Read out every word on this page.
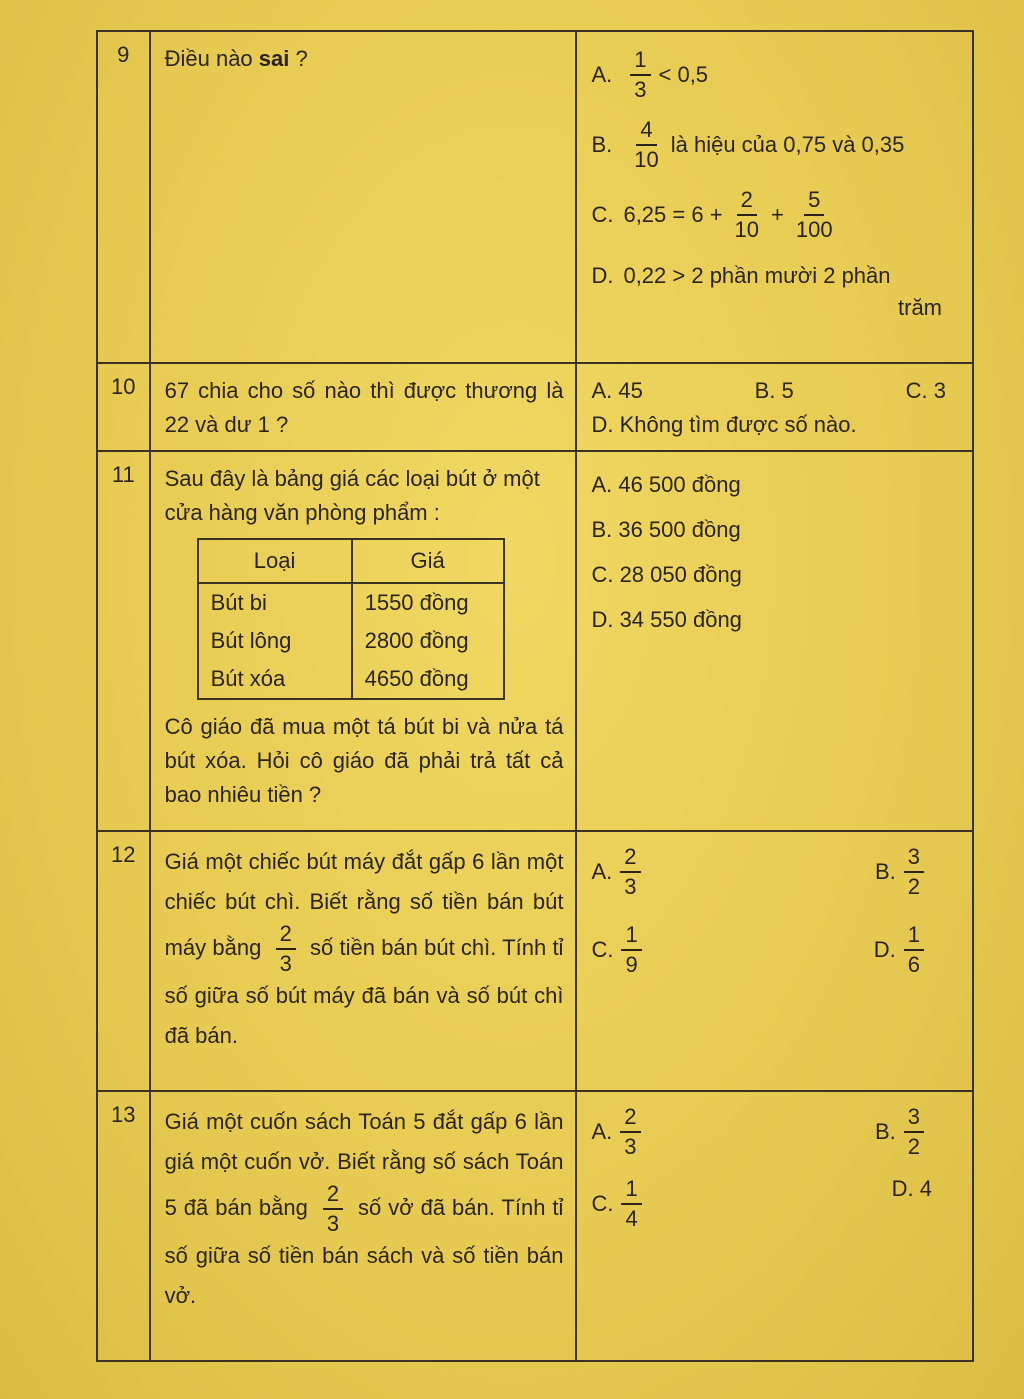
9	Điều nào sai ?

A. $\frac{1}{3} < 0,5$
B. $\frac{4}{10}$ là hiệu của 0,75 và 0,35
C. $6,25 = 6 + \frac{2}{10} + \frac{5}{100}$
D. 0,22 > 2 phần mười 2 phần
trăm

10	67 chia cho số nào thì được thương là 22 và dư 1 ?

A. 45	B. 5	C. 3
D. Không tìm được số nào.

11	Sau đây là bảng giá các loại bút ở một cửa hàng văn phòng phẩm :
Loại	Giá
Bút bi	1550 đồng
Bút lông	2800 đồng
Bút xóa	4650 đồng
Cô giáo đã mua một tá bút bi và nửa tá bút xóa. Hỏi cô giáo đã phải trả tất cả bao nhiêu tiền ?

A. 46 500 đồng
B. 36 500 đồng
C. 28 050 đồng
D. 34 550 đồng

12	Giá một chiếc bút máy đắt gấp 6 lần một chiếc bút chì. Biết rằng số tiền bán bút máy bằng $\frac{2}{3}$ số tiền bán bút chì. Tính tỉ số giữa số bút máy đã bán và số bút chì đã bán.

A. $\frac{2}{3}$	B. $\frac{3}{2}$
C. $\frac{1}{9}$	D. $\frac{1}{6}$

13	Giá một cuốn sách Toán 5 đắt gấp 6 lần giá một cuốn vở. Biết rằng số sách Toán 5 đã bán bằng $\frac{2}{3}$ số vở đã bán. Tính tỉ số giữa số tiền bán sách và số tiền bán vở.

A. $\frac{2}{3}$	B. $\frac{3}{2}$
C. $\frac{1}{4}$	D. 4
